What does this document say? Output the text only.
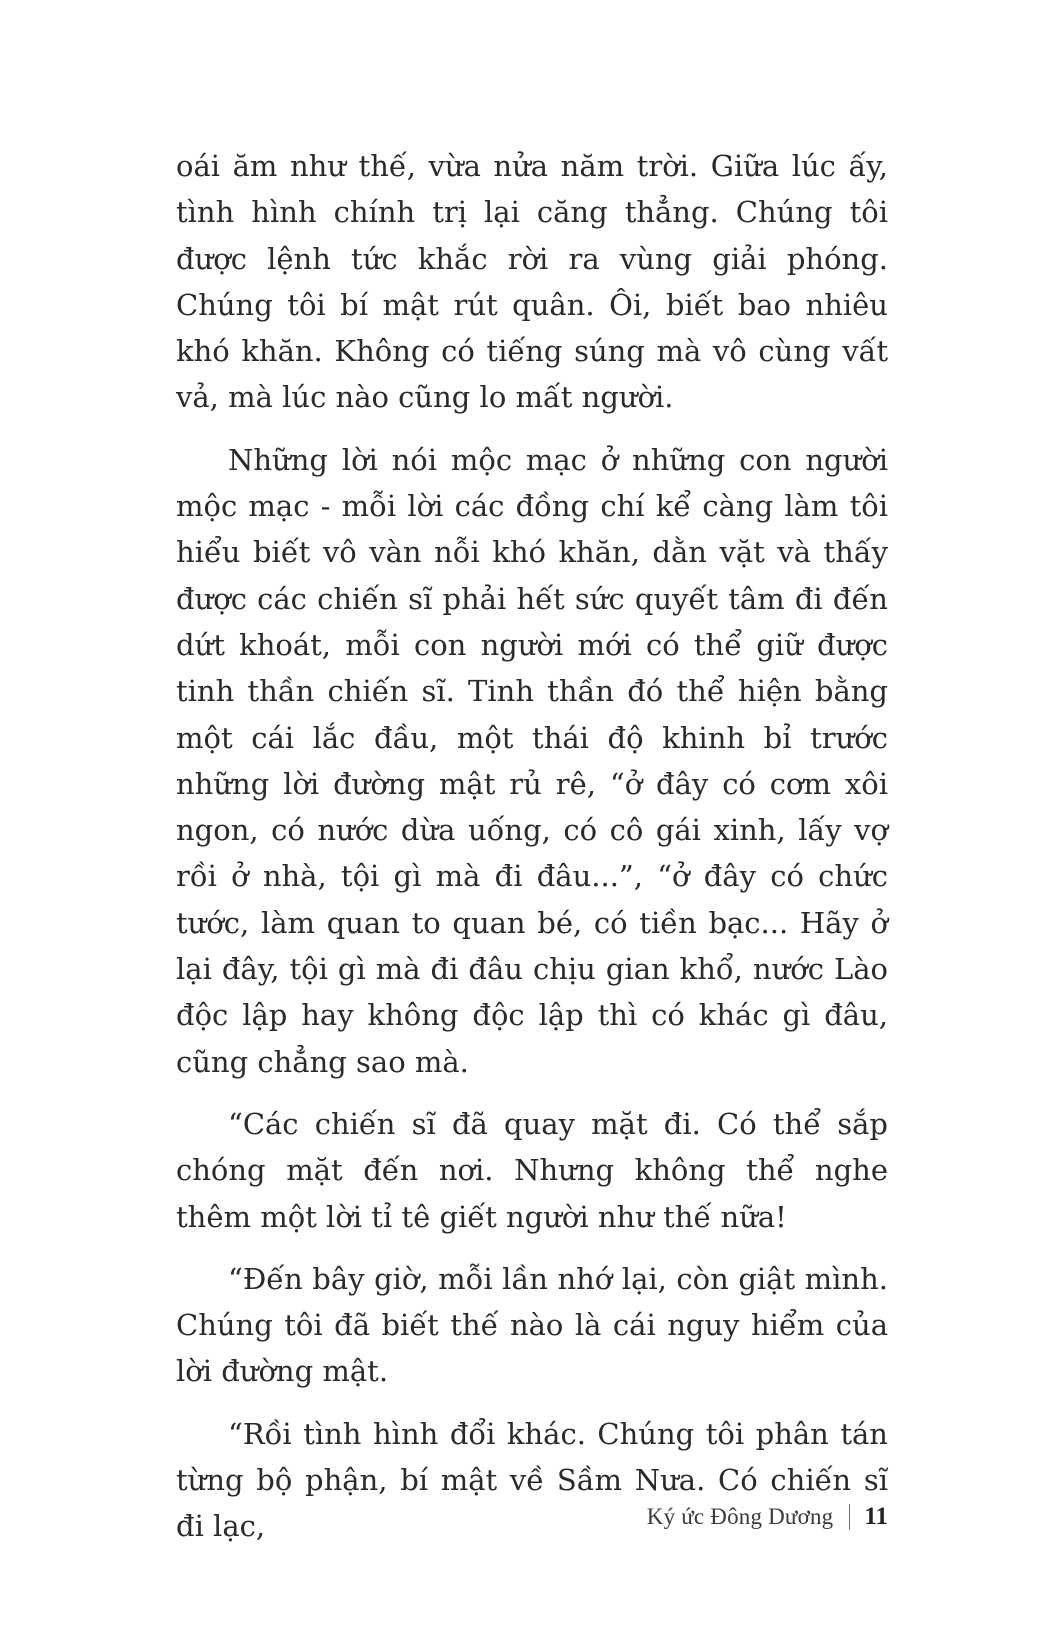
oái ăm như thế, vừa nửa năm trời. Giữa lúc ấy, tình hình chính trị lại căng thẳng. Chúng tôi được lệnh tức khắc rời ra vùng giải phóng. Chúng tôi bí mật rút quân. Ôi, biết bao nhiêu khó khăn. Không có tiếng súng mà vô cùng vất vả, mà lúc nào cũng lo mất người.

Những lời nói mộc mạc ở những con người mộc mạc - mỗi lời các đồng chí kể càng làm tôi hiểu biết vô vàn nỗi khó khăn, dằn vặt và thấy được các chiến sĩ phải hết sức quyết tâm đi đến dứt khoát, mỗi con người mới có thể giữ được tinh thần chiến sĩ. Tinh thần đó thể hiện bằng một cái lắc đầu, một thái độ khinh bỉ trước những lời đường mật rủ rê, “ở đây có cơm xôi ngon, có nước dừa uống, có cô gái xinh, lấy vợ rồi ở nhà, tội gì mà đi đâu...”, “ở đây có chức tước, làm quan to quan bé, có tiền bạc... Hãy ở lại đây, tội gì mà đi đâu chịu gian khổ, nước Lào độc lập hay không độc lập thì có khác gì đâu, cũng chẳng sao mà.

“Các chiến sĩ đã quay mặt đi. Có thể sắp chóng mặt đến nơi. Nhưng không thể nghe thêm một lời tỉ tê giết người như thế nữa!

“Đến bây giờ, mỗi lần nhớ lại, còn giật mình. Chúng tôi đã biết thế nào là cái nguy hiểm của lời đường mật.

“Rồi tình hình đổi khác. Chúng tôi phân tán từng bộ phận, bí mật về Sầm Nưa. Có chiến sĩ đi lạc,	Ký ức Đông Dương 11
